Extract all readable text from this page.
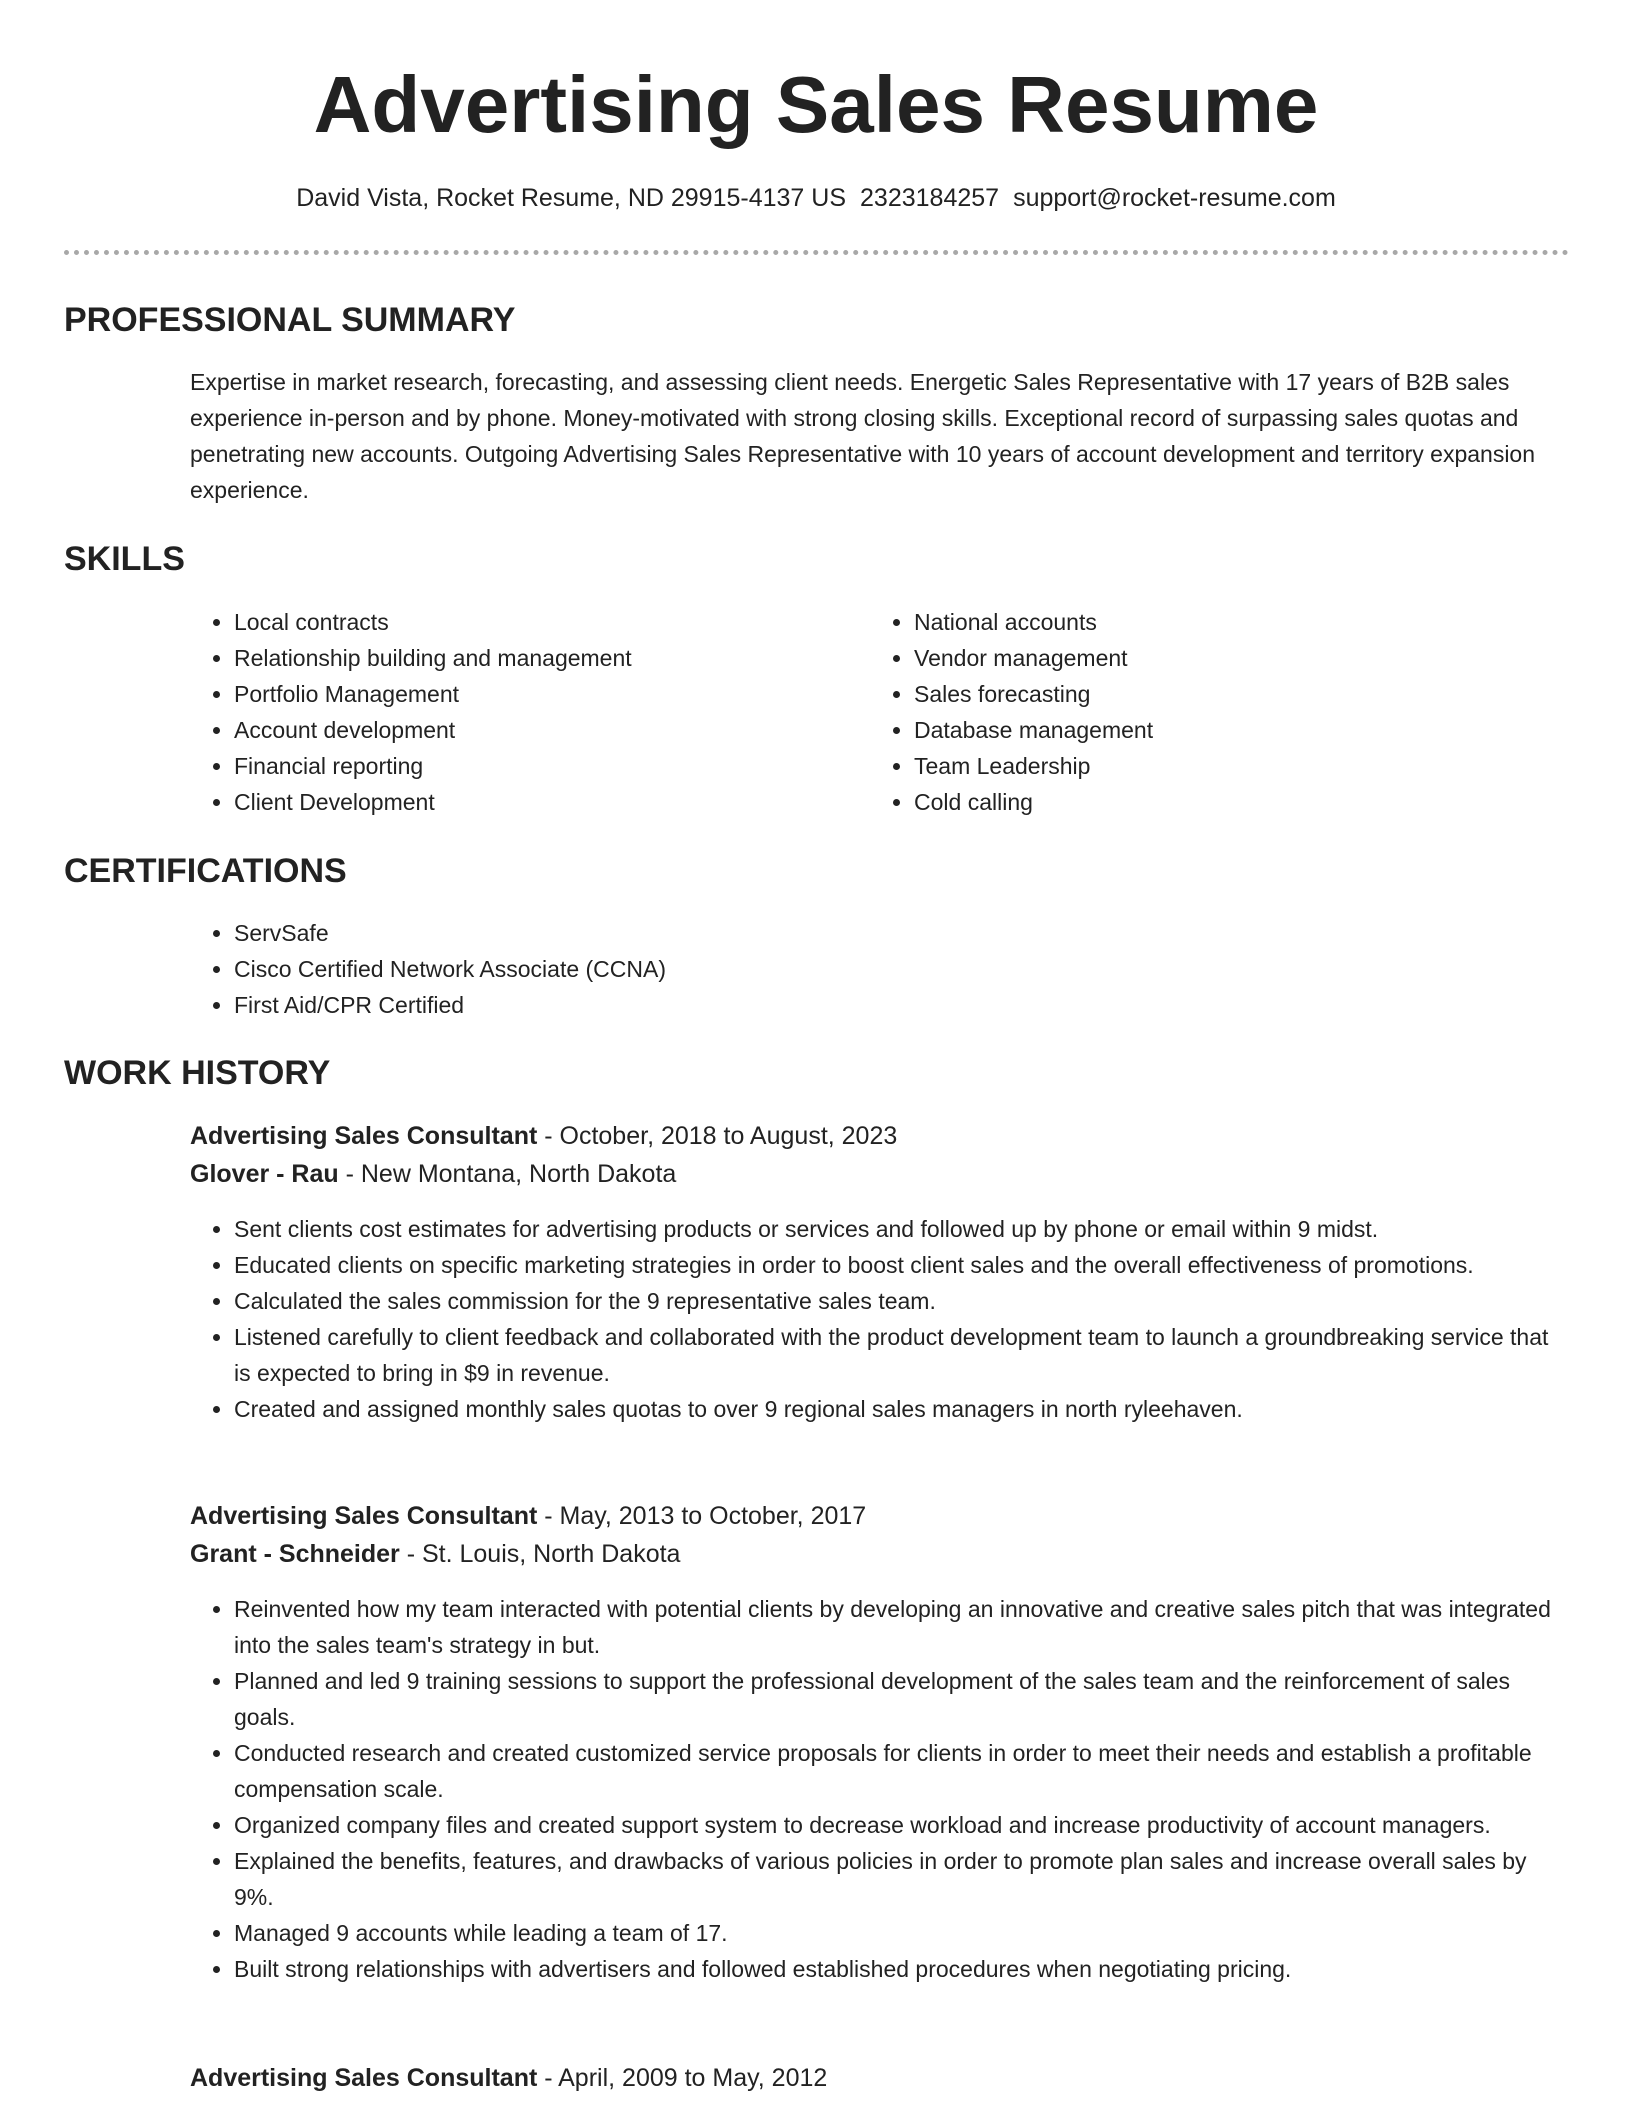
Advertising Sales Resume
David Vista, Rocket Resume, ND 29915-4137 US 2323184257 support@rocket-resume.com
PROFESSIONAL SUMMARY
Expertise in market research, forecasting, and assessing client needs. Energetic Sales Representative with 17 years of B2B sales experience in-person and by phone. Money-motivated with strong closing skills. Exceptional record of surpassing sales quotas and penetrating new accounts. Outgoing Advertising Sales Representative with 10 years of account development and territory expansion experience.
SKILLS
• Local contracts
• Relationship building and management
• Portfolio Management
• Account development
• Financial reporting
• Client Development
• National accounts
• Vendor management
• Sales forecasting
• Database management
• Team Leadership
• Cold calling
CERTIFICATIONS
• ServSafe
• Cisco Certified Network Associate (CCNA)
• First Aid/CPR Certified
WORK HISTORY
Advertising Sales Consultant - October, 2018 to August, 2023
Glover - Rau - New Montana, North Dakota
• Sent clients cost estimates for advertising products or services and followed up by phone or email within 9 midst.
• Educated clients on specific marketing strategies in order to boost client sales and the overall effectiveness of promotions.
• Calculated the sales commission for the 9 representative sales team.
• Listened carefully to client feedback and collaborated with the product development team to launch a groundbreaking service that is expected to bring in $9 in revenue.
• Created and assigned monthly sales quotas to over 9 regional sales managers in north ryleehaven.
Advertising Sales Consultant - May, 2013 to October, 2017
Grant - Schneider - St. Louis, North Dakota
• Reinvented how my team interacted with potential clients by developing an innovative and creative sales pitch that was integrated into the sales team's strategy in but.
• Planned and led 9 training sessions to support the professional development of the sales team and the reinforcement of sales goals.
• Conducted research and created customized service proposals for clients in order to meet their needs and establish a profitable compensation scale.
• Organized company files and created support system to decrease workload and increase productivity of account managers.
• Explained the benefits, features, and drawbacks of various policies in order to promote plan sales and increase overall sales by 9%.
• Managed 9 accounts while leading a team of 17.
• Built strong relationships with advertisers and followed established procedures when negotiating pricing.
Advertising Sales Consultant - April, 2009 to May, 2012
